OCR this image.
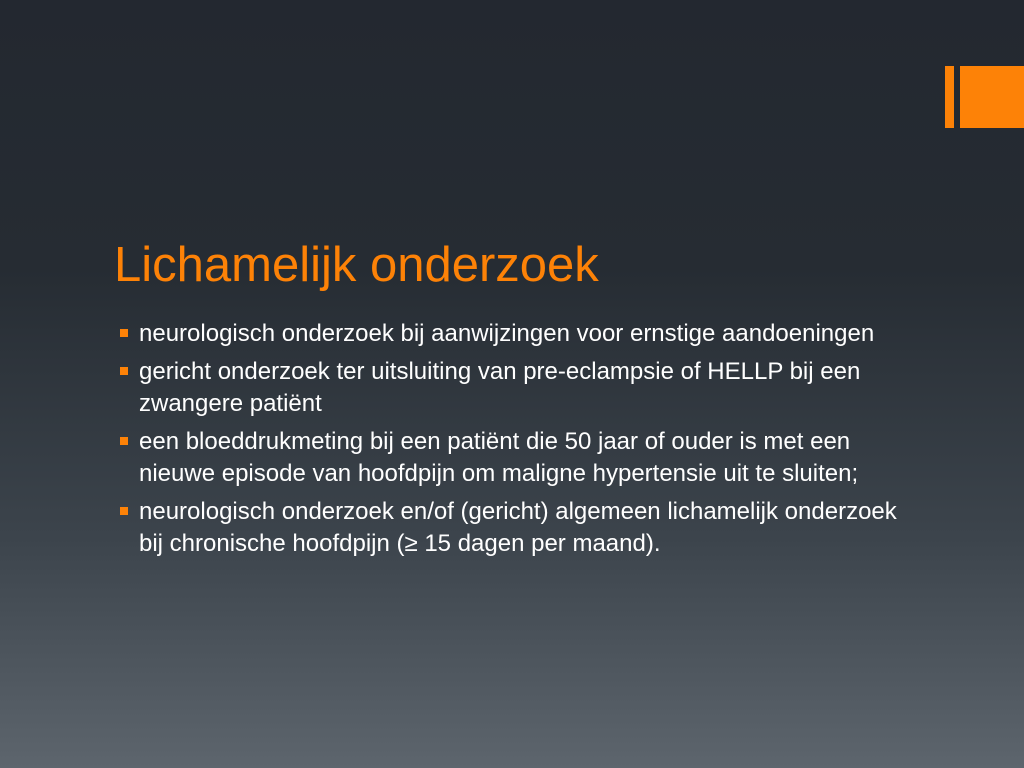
Lichamelijk onderzoek
neurologisch onderzoek bij aanwijzingen voor ernstige aandoeningen
gericht onderzoek ter uitsluiting van pre-eclampsie of HELLP bij een zwangere patiënt
een bloeddrukmeting bij een patiënt die 50 jaar of ouder is met een nieuwe episode van hoofdpijn om maligne hypertensie uit te sluiten;
neurologisch onderzoek en/of (gericht) algemeen lichamelijk onderzoek bij chronische hoofdpijn (≥ 15 dagen per maand).
